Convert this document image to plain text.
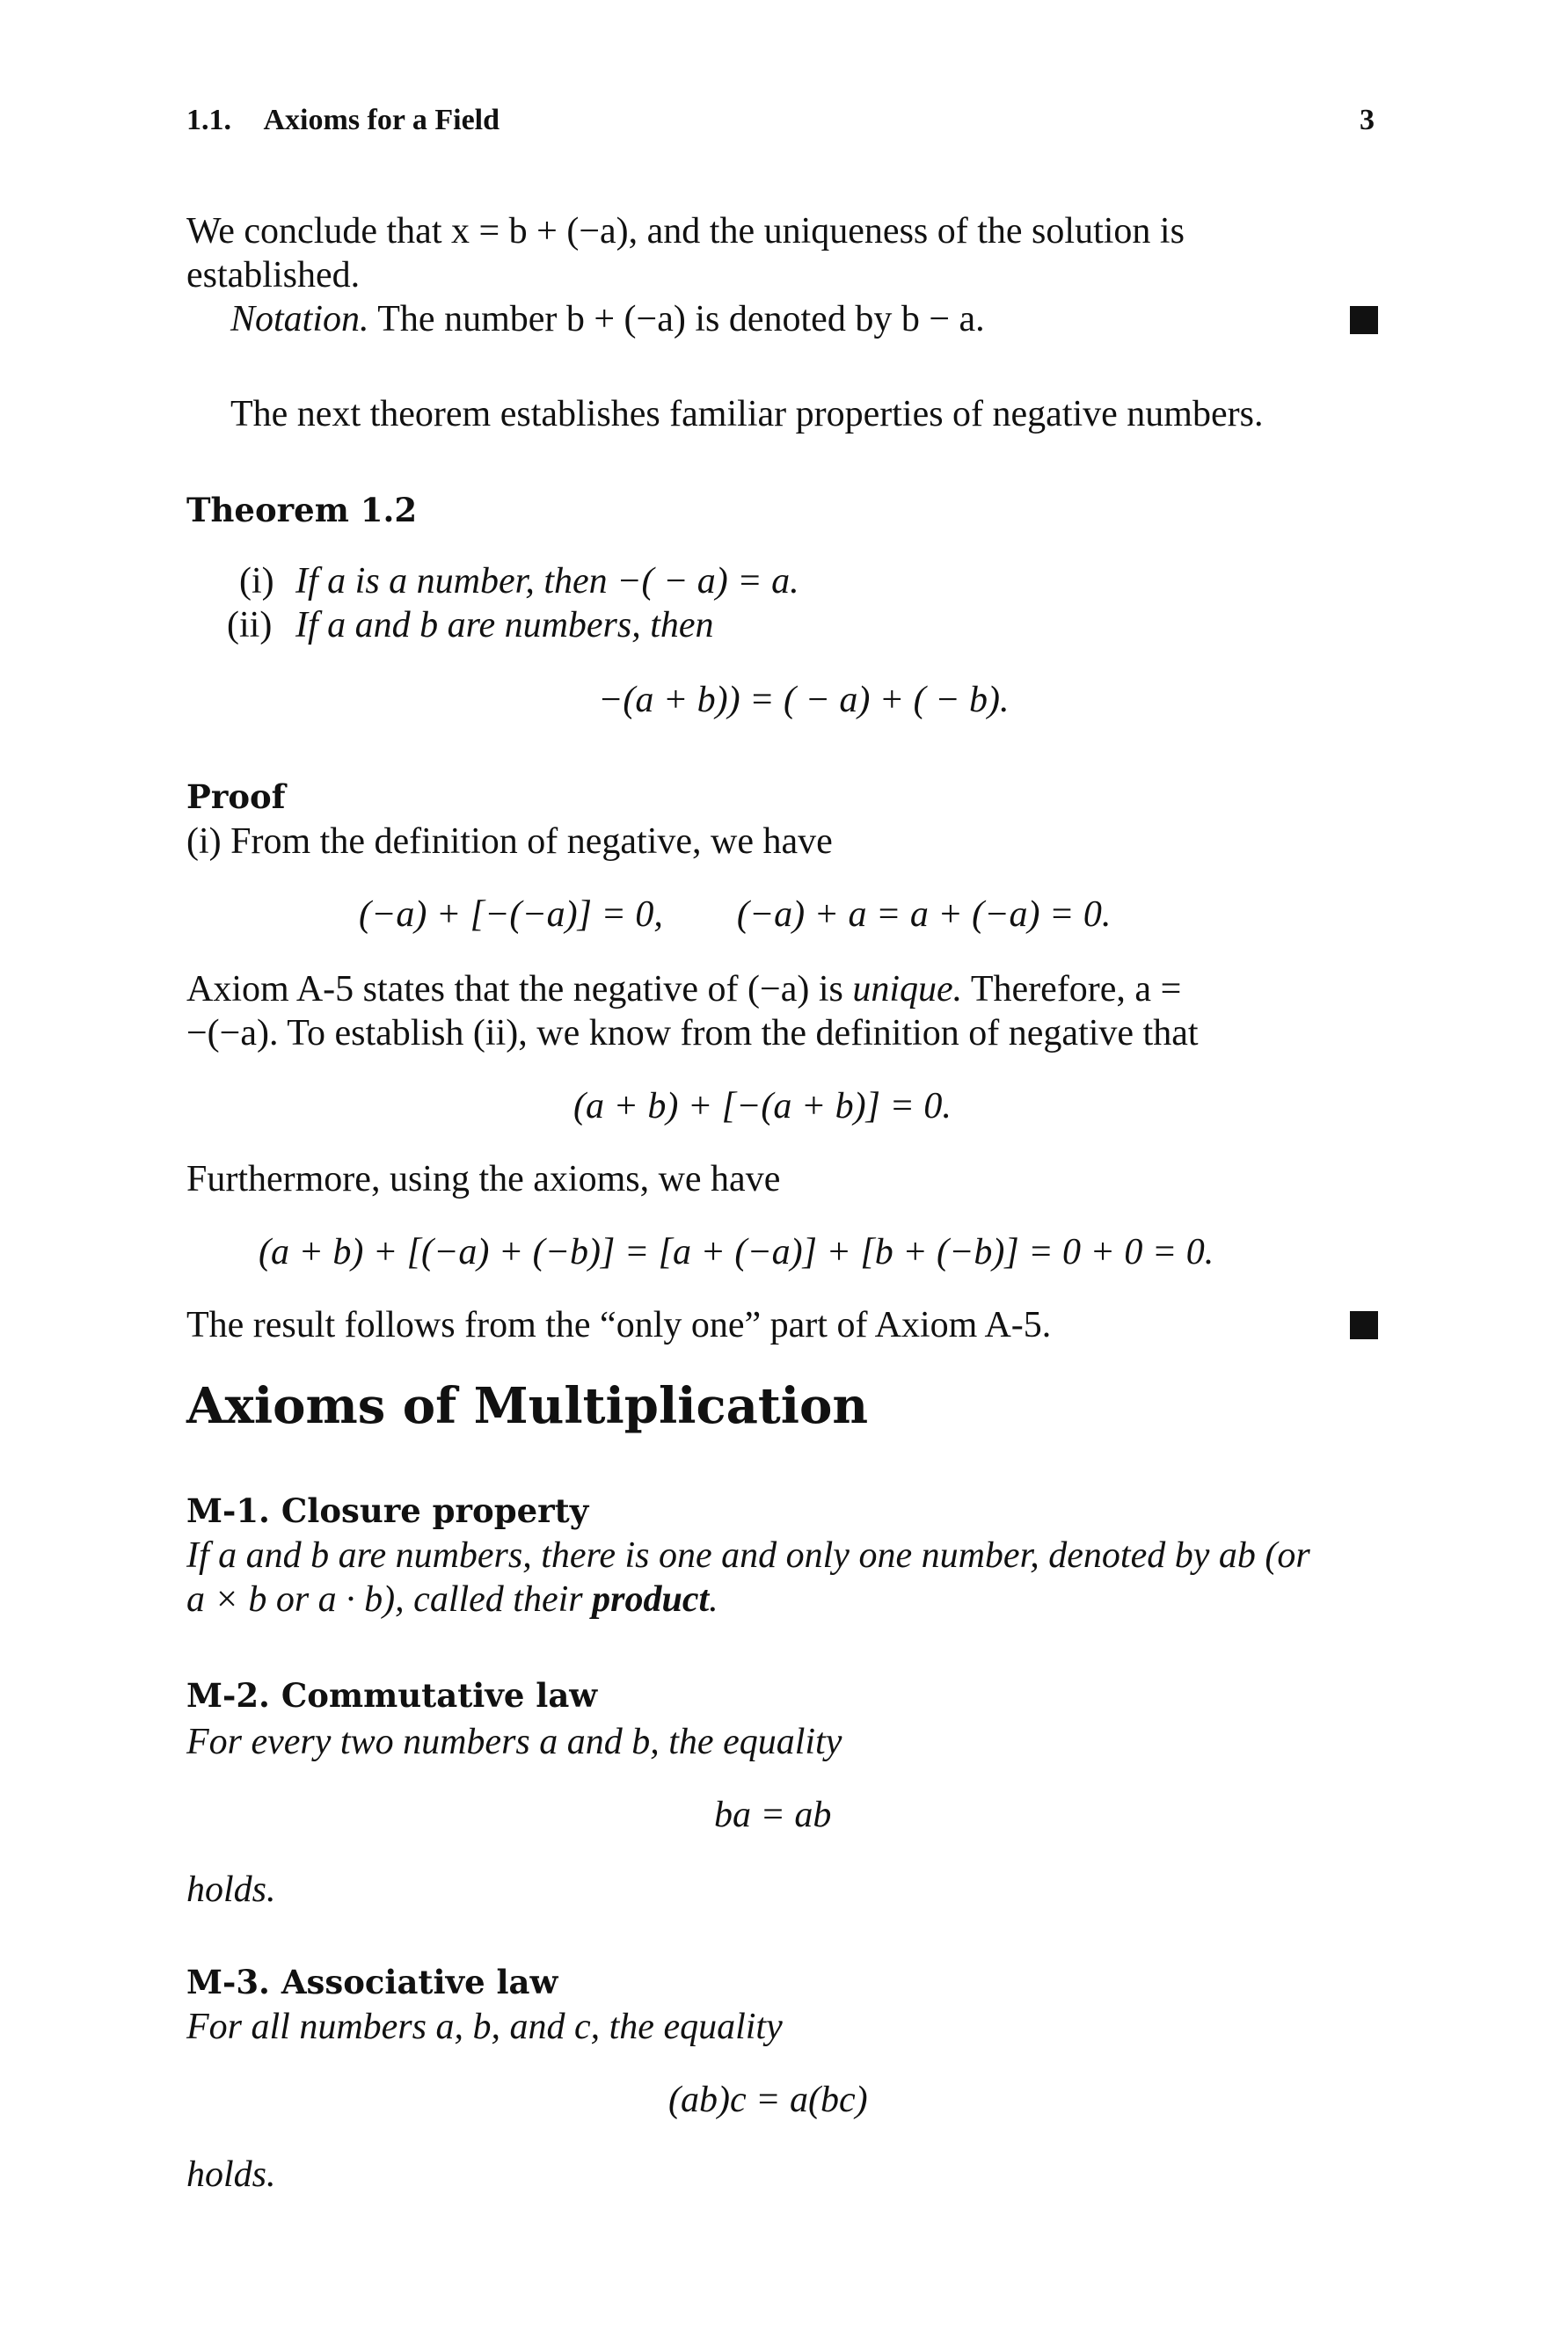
1.1. Axioms for a Field	3
We conclude that x = b + (−a), and the uniqueness of the solution is
established.
Notation. The number b + (−a) is denoted by b − a.
The next theorem establishes familiar properties of negative numbers.
Theorem 1.2
(i) If a is a number, then −( − a) = a.
(ii) If a and b are numbers, then
−(a + b)) = ( − a) + ( − b).
Proof
(i) From the definition of negative, we have
(−a) + [−(−a)] = 0,        (−a) + a = a + (−a) = 0.
Axiom A-5 states that the negative of (−a) is unique. Therefore, a =
−(−a). To establish (ii), we know from the definition of negative that
(a + b) + [−(a + b)] = 0.
Furthermore, using the axioms, we have
(a + b) + [(−a) + (−b)] = [a + (−a)] + [b + (−b)] = 0 + 0 = 0.
The result follows from the “only one” part of Axiom A-5.
Axioms of Multiplication
M-1. Closure property
If a and b are numbers, there is one and only one number, denoted by ab (or
a × b or a · b), called their product.
M-2. Commutative law
For every two numbers a and b, the equality
ba = ab
holds.
M-3. Associative law
For all numbers a, b, and c, the equality
(ab)c = a(bc)
holds.
